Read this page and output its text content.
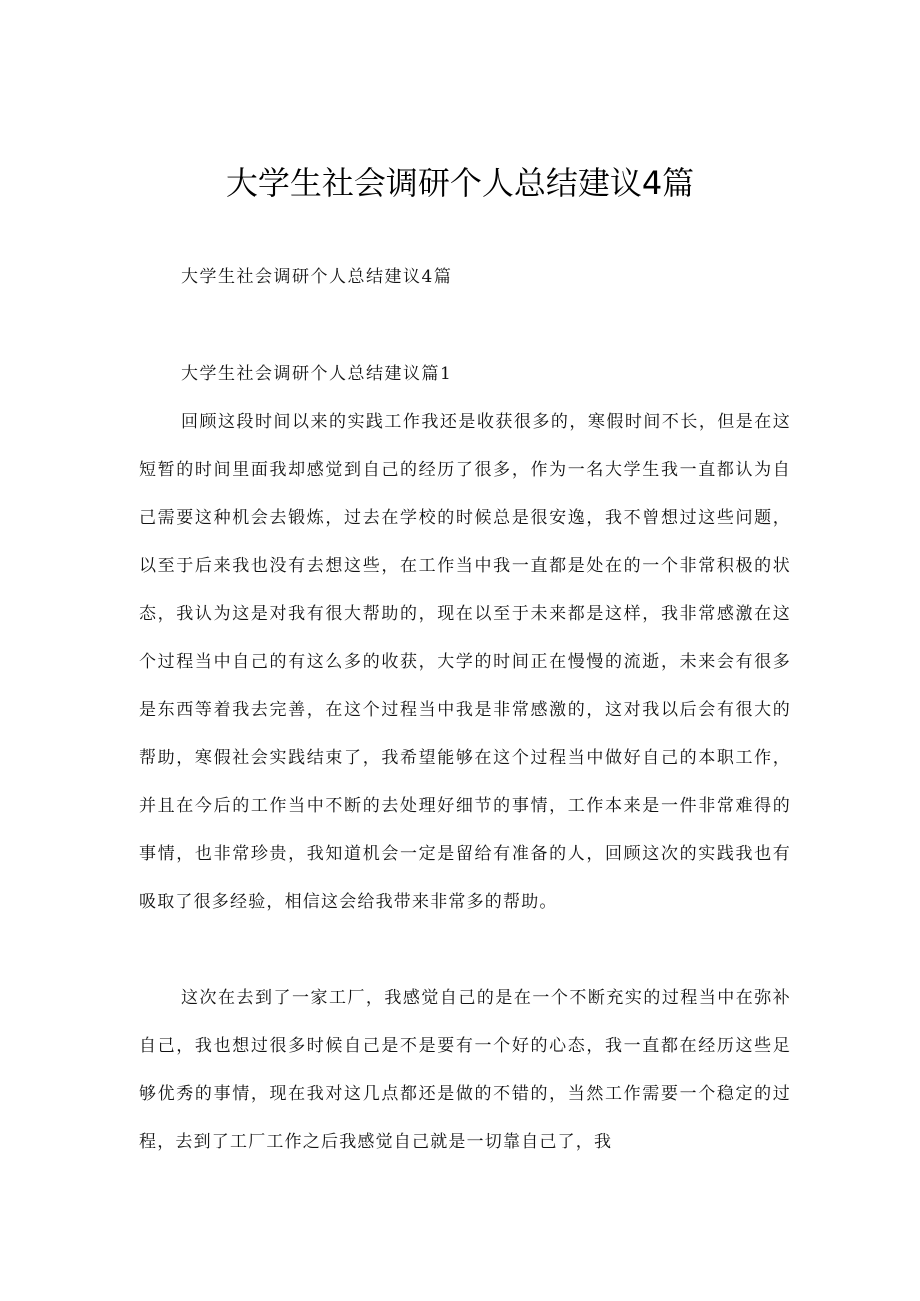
大学生社会调研个人总结建议4篇

大学生社会调研个人总结建议4篇

大学生社会调研个人总结建议篇1

回顾这段时间以来的实践工作我还是收获很多的，寒假时间不长，但是在这短暂的时间里面我却感觉到自己的经历了很多，作为一名大学生我一直都认为自己需要这种机会去锻炼，过去在学校的时候总是很安逸，我不曾想过这些问题，以至于后来我也没有去想这些，在工作当中我一直都是处在的一个非常积极的状态，我认为这是对我有很大帮助的，现在以至于未来都是这样，我非常感激在这个过程当中自己的有这么多的收获，大学的时间正在慢慢的流逝，未来会有很多是东西等着我去完善，在这个过程当中我是非常感激的，这对我以后会有很大的帮助，寒假社会实践结束了，我希望能够在这个过程当中做好自己的本职工作，并且在今后的工作当中不断的去处理好细节的事情，工作本来是一件非常难得的事情，也非常珍贵，我知道机会一定是留给有准备的人，回顾这次的实践我也有吸取了很多经验，相信这会给我带来非常多的帮助。

这次在去到了一家工厂，我感觉自己的是在一个不断充实的过程当中在弥补自己，我也想过很多时候自己是不是要有一个好的心态，我一直都在经历这些足够优秀的事情，现在我对这几点都还是做的不错的，当然工作需要一个稳定的过程，去到了工厂工作之后我感觉自己就是一切靠自己了，我
